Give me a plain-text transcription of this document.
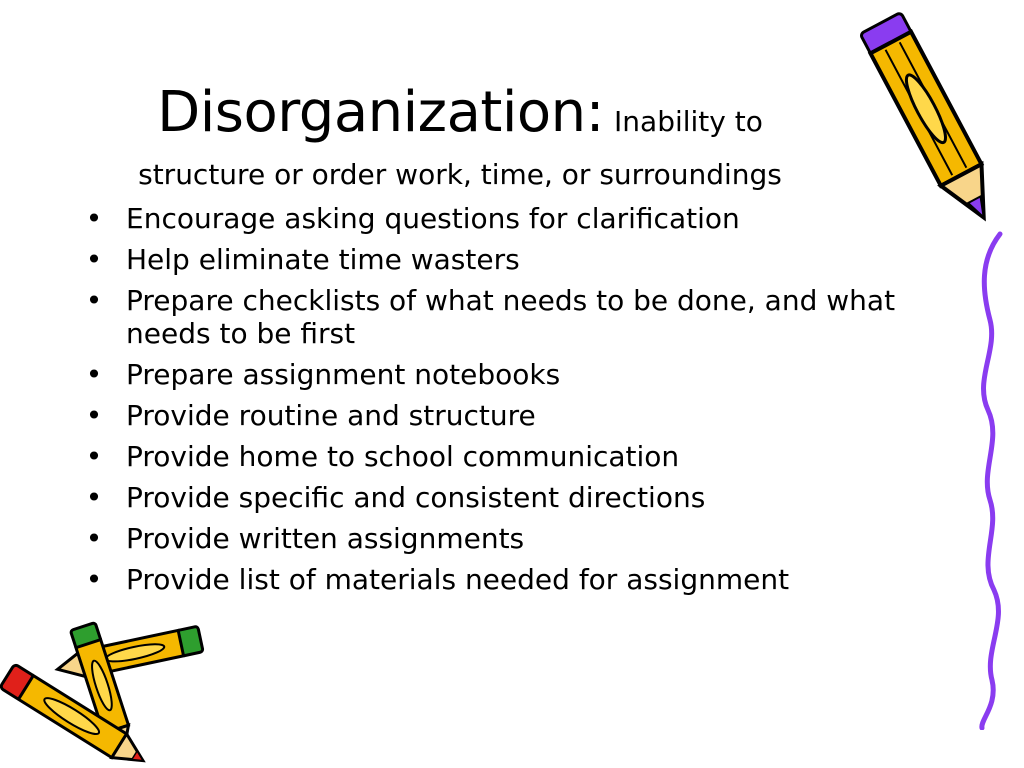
Disorganization: Inability to
structure or order work, time, or surroundings
• Encourage asking questions for clarification
• Help eliminate time wasters
• Prepare checklists of what needs to be done, and what needs to be first
• Prepare assignment notebooks
• Provide routine and structure
• Provide home to school communication
• Provide specific and consistent directions
• Provide written assignments
• Provide list of materials needed for assignment
